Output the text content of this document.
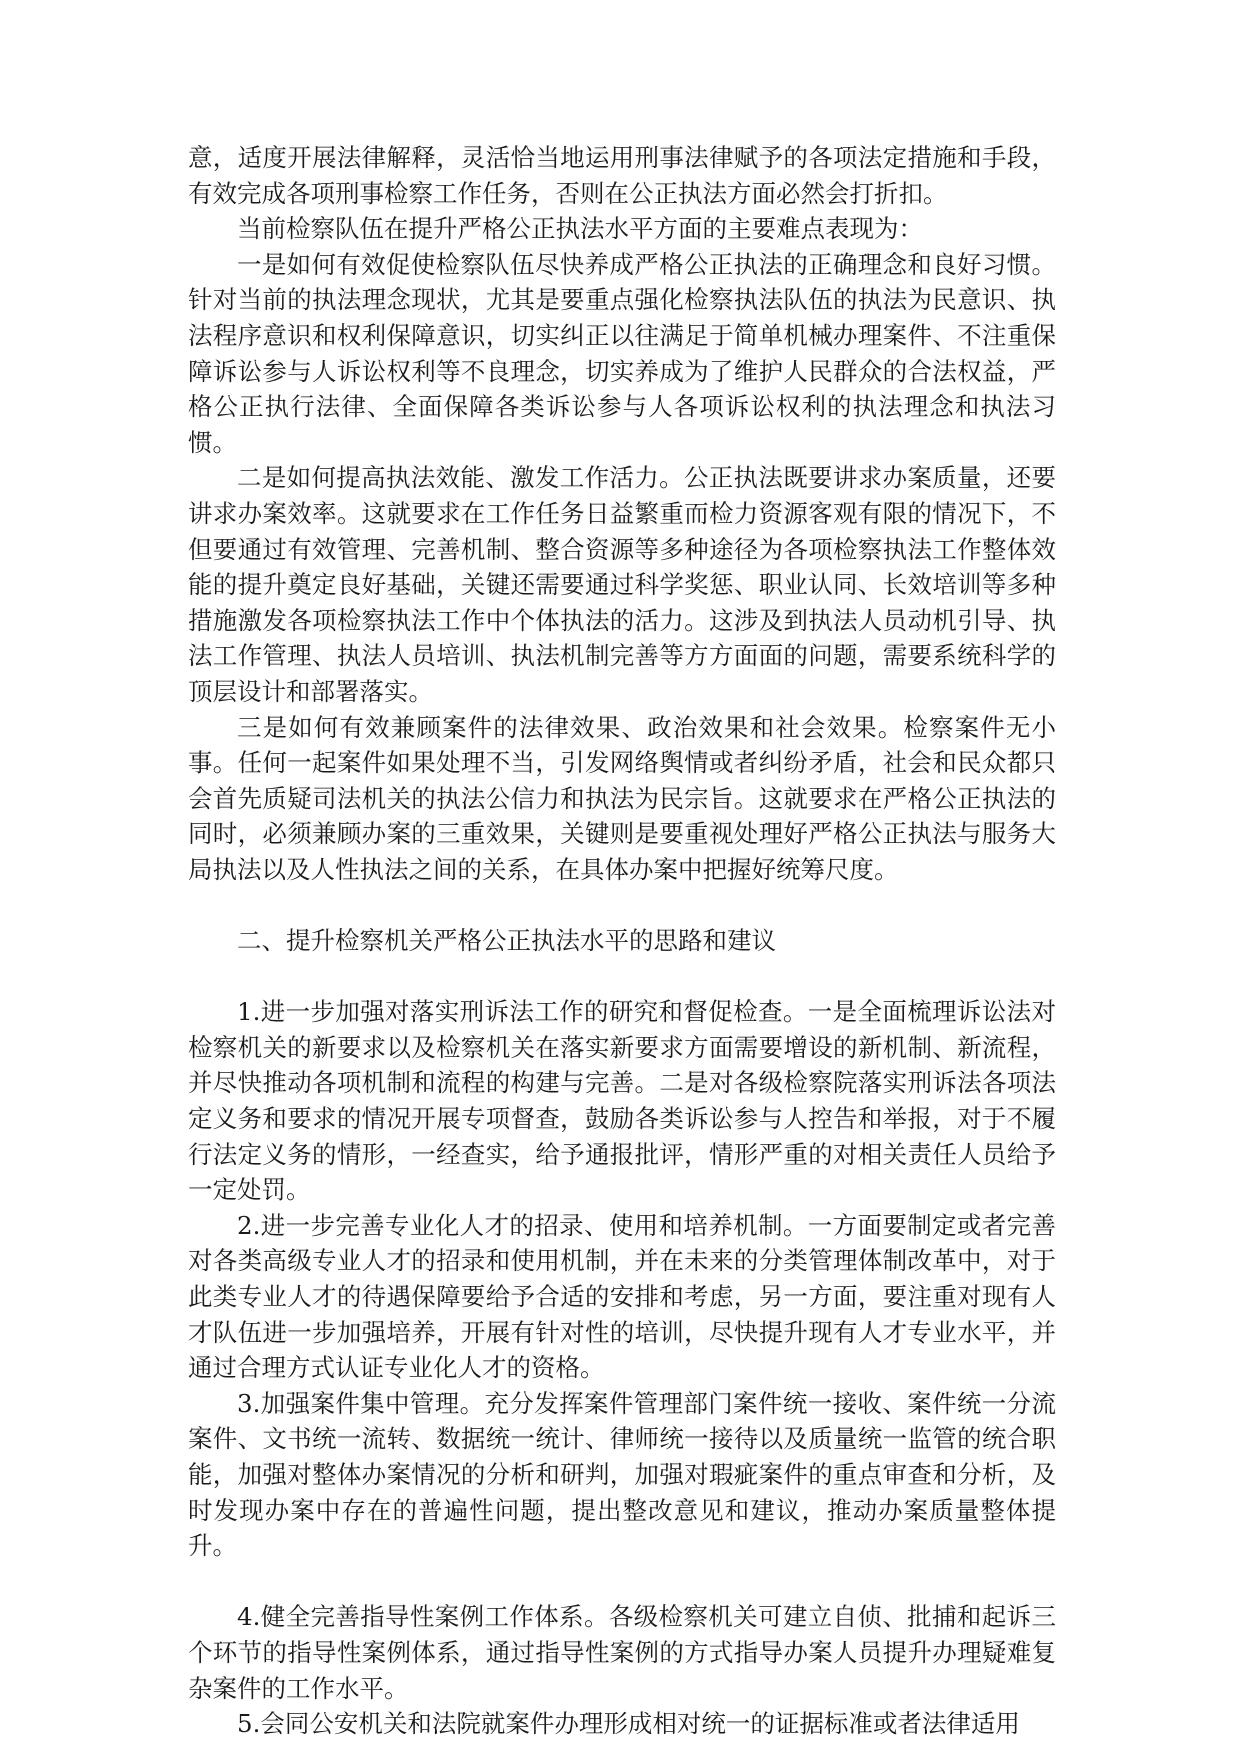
意，适度开展法律解释，灵活恰当地运用刑事法律赋予的各项法定措施和手段，有效完成各项刑事检察工作任务，否则在公正执法方面必然会打折扣。

当前检察队伍在提升严格公正执法水平方面的主要难点表现为：

一是如何有效促使检察队伍尽快养成严格公正执法的正确理念和良好习惯。针对当前的执法理念现状，尤其是要重点强化检察执法队伍的执法为民意识、执法程序意识和权利保障意识，切实纠正以往满足于简单机械办理案件、不注重保障诉讼参与人诉讼权利等不良理念，切实养成为了维护人民群众的合法权益，严格公正执行法律、全面保障各类诉讼参与人各项诉讼权利的执法理念和执法习惯。

二是如何提高执法效能、激发工作活力。公正执法既要讲求办案质量，还要讲求办案效率。这就要求在工作任务日益繁重而检力资源客观有限的情况下，不但要通过有效管理、完善机制、整合资源等多种途径为各项检察执法工作整体效能的提升奠定良好基础，关键还需要通过科学奖惩、职业认同、长效培训等多种措施激发各项检察执法工作中个体执法的活力。这涉及到执法人员动机引导、执法工作管理、执法人员培训、执法机制完善等方方面面的问题，需要系统科学的顶层设计和部署落实。

三是如何有效兼顾案件的法律效果、政治效果和社会效果。检察案件无小事。任何一起案件如果处理不当，引发网络舆情或者纠纷矛盾，社会和民众都只会首先质疑司法机关的执法公信力和执法为民宗旨。这就要求在严格公正执法的同时，必须兼顾办案的三重效果，关键则是要重视处理好严格公正执法与服务大局执法以及人性执法之间的关系，在具体办案中把握好统筹尺度。

二、提升检察机关严格公正执法水平的思路和建议

1.进一步加强对落实刑诉法工作的研究和督促检查。一是全面梳理诉讼法对检察机关的新要求以及检察机关在落实新要求方面需要增设的新机制、新流程，并尽快推动各项机制和流程的构建与完善。二是对各级检察院落实刑诉法各项法定义务和要求的情况开展专项督查，鼓励各类诉讼参与人控告和举报，对于不履行法定义务的情形，一经查实，给予通报批评，情形严重的对相关责任人员给予一定处罚。

2.进一步完善专业化人才的招录、使用和培养机制。一方面要制定或者完善对各类高级专业人才的招录和使用机制，并在未来的分类管理体制改革中，对于此类专业人才的待遇保障要给予合适的安排和考虑，另一方面，要注重对现有人才队伍进一步加强培养，开展有针对性的培训，尽快提升现有人才专业水平，并通过合理方式认证专业化人才的资格。

3.加强案件集中管理。充分发挥案件管理部门案件统一接收、案件统一分流案件、文书统一流转、数据统一统计、律师统一接待以及质量统一监管的统合职能，加强对整体办案情况的分析和研判，加强对瑕疵案件的重点审查和分析，及时发现办案中存在的普遍性问题，提出整改意见和建议，推动办案质量整体提升。

4.健全完善指导性案例工作体系。各级检察机关可建立自侦、批捕和起诉三个环节的指导性案例体系，通过指导性案例的方式指导办案人员提升办理疑难复杂案件的工作水平。

5.会同公安机关和法院就案件办理形成相对统一的证据标准或者法律适用
